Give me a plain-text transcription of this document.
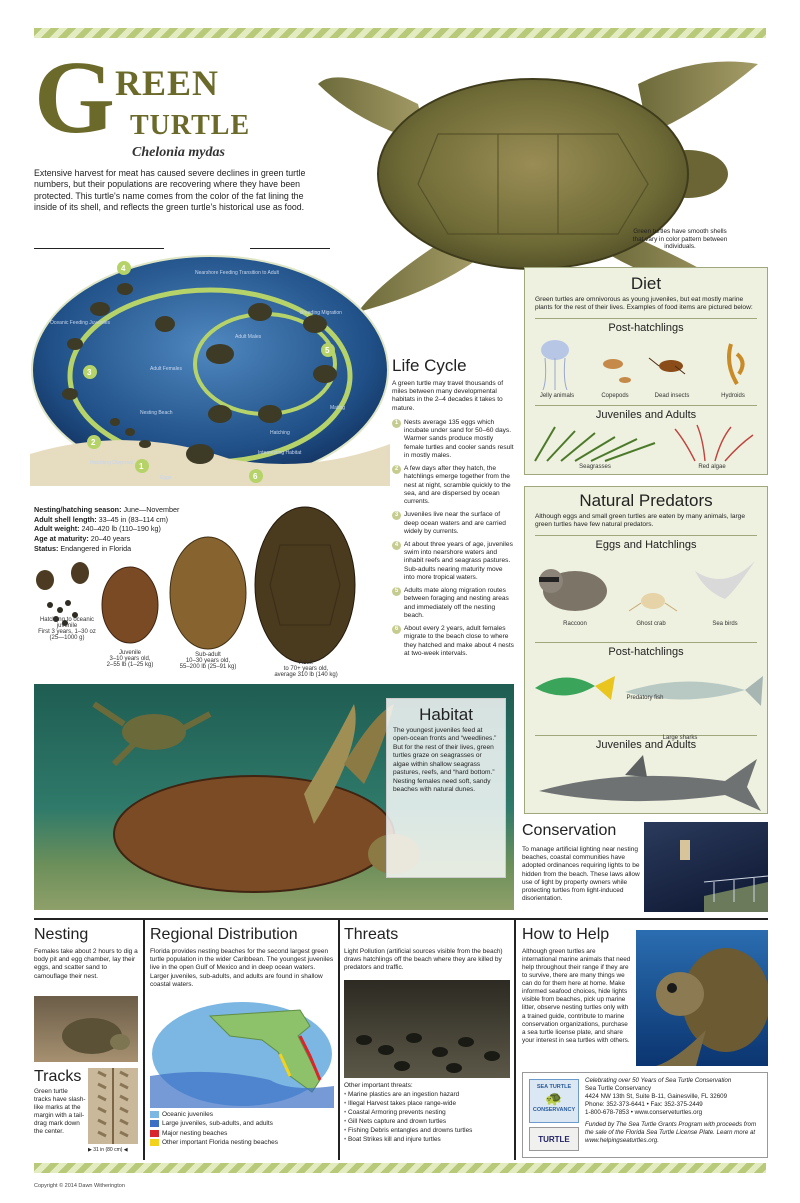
G REEN
TURTLE
Chelonia mydas
Extensive harvest for meat has caused severe declines in green turtle numbers, but their populations are recovering where they have been protected. This turtle's name comes from the color of the fat lining the inside of its shell, and reflects the green turtle's historical use as food.
Green turtles have smooth shells that vary in color pattern between individuals.
Nearshore Feeding Transition to Adult
Breeding Migration
Oceanic Feeding Juveniles
Adult Females
Adult Males
Nesting Beach
Hatchling Dispersal
Internesting Habitat
Mating
Hatching
Eggs
1
2
3
4
5
6
Nesting/hatching season: June—November
Adult shell length: 33–45 in (83–114 cm)
Adult weight: 240–420 lb (110–190 kg)
Age at maturity: 20–40 years
Status: Endangered in Florida
Hatchling to oceanic juvenile
First 3 years, 1–30 oz
(25—1000 g)
Juvenile
3–10 years old,
2–55 lb (1–25 kg)
Sub-adult
10–30 years old,
55–200 lb (25–91 kg)
Adult
to 70+ years old,
average 310 lb (140 kg)
Life Cycle
A green turtle may travel thousands of miles between many developmental habitats in the 2–4 decades it takes to mature.
1 Nests average 135 eggs which incubate under sand for 50–60 days. Warmer sands produce mostly female turtles and cooler sands result in mostly males.
2 A few days after they hatch, the hatchlings emerge together from the nest at night, scramble quickly to the sea, and are dispersed by ocean currents.
3 Juveniles live near the surface of deep ocean waters and are carried widely by currents.
4 At about three years of age, juveniles swim into nearshore waters and inhabit reefs and seagrass pastures. Sub-adults nearing maturity move into more tropical waters.
5 Adults mate along migration routes between foraging and nesting areas and immediately off the nesting beach.
6 About every 2 years, adult females migrate to the beach close to where they hatched and make about 4 nests at two-week intervals.
Diet
Green turtles are omnivorous as young juveniles, but eat mostly marine plants for the rest of their lives. Examples of food items are pictured below:
Post-hatchlings
Jelly animals	Copepods	Dead insects	Hydroids
Juveniles and Adults
Seagrasses	Red algae
Natural Predators
Although eggs and small green turtles are eaten by many animals, large green turtles have few natural predators.
Eggs and Hatchlings
Raccoon	Ghost crab	Sea birds
Post-hatchlings
Predatory fish
Juveniles and Adults
Large sharks
Habitat
The youngest juveniles feed at open-ocean fronts and “weedlines.” But for the rest of their lives, green turtles graze on seagrasses or algae within shallow seagrass pastures, reefs, and “hard bottom.” Nesting females need soft, sandy beaches with natural dunes.
Conservation
To manage artificial lighting near nesting beaches, coastal communities have adopted ordinances requiring lights to be hidden from the beach. These laws allow use of light by property owners while protecting turtles from light-induced disorientation.
Nesting
Females take about 2 hours to dig a body pit and egg chamber, lay their eggs, and scatter sand to camouflage their nest.
Tracks
Green turtle tracks have slash-like marks at the margin with a tail-drag mark down the center.
▶ 31 in (80 cm) ◀
Regional Distribution
Florida provides nesting beaches for the second largest green turtle population in the wider Caribbean. The youngest juveniles live in the open Gulf of Mexico and in deep ocean waters. Larger juveniles, sub-adults, and adults are found in shallow coastal waters.
Oceanic juveniles
Large juveniles, sub-adults, and adults
Major nesting beaches
Other important Florida nesting beaches
Threats
Light Pollution (artificial sources visible from the beach) draws hatchlings off the beach where they are killed by predators and traffic.
Other important threats:
• Marine plastics are an ingestion hazard
• Illegal Harvest takes place range-wide
• Coastal Armoring prevents nesting
• Gill Nets capture and drown turtles
• Fishing Debris entangles and drowns turtles
• Boat Strikes kill and injure turtles
How to Help
Although green turtles are international marine animals that need help throughout their range if they are to survive, there are many things we can do for them here at home. Make informed seafood choices, hide lights visible from beaches, pick up marine litter, observe nesting turtles only with a trained guide, contribute to marine conservation organizations, purchase a sea turtle license plate, and share your interest in sea turtles with others.
SEA TURTLE
🐢
CONSERVANCY
TURTLE
Celebrating over 50 Years of Sea Turtle Conservation
Sea Turtle Conservancy
4424 NW 13th St, Suite B-11, Gainesville, FL 32609
Phone: 352-373-6441 • Fax: 352-375-2449
1-800-678-7853 • www.conserveturtles.org
Funded by The Sea Turtle Grants Program with proceeds from the sale of the Florida Sea Turtle License Plate. Learn more at www.helpingseaturtles.org.
Copyright © 2014 Dawn Witherington
